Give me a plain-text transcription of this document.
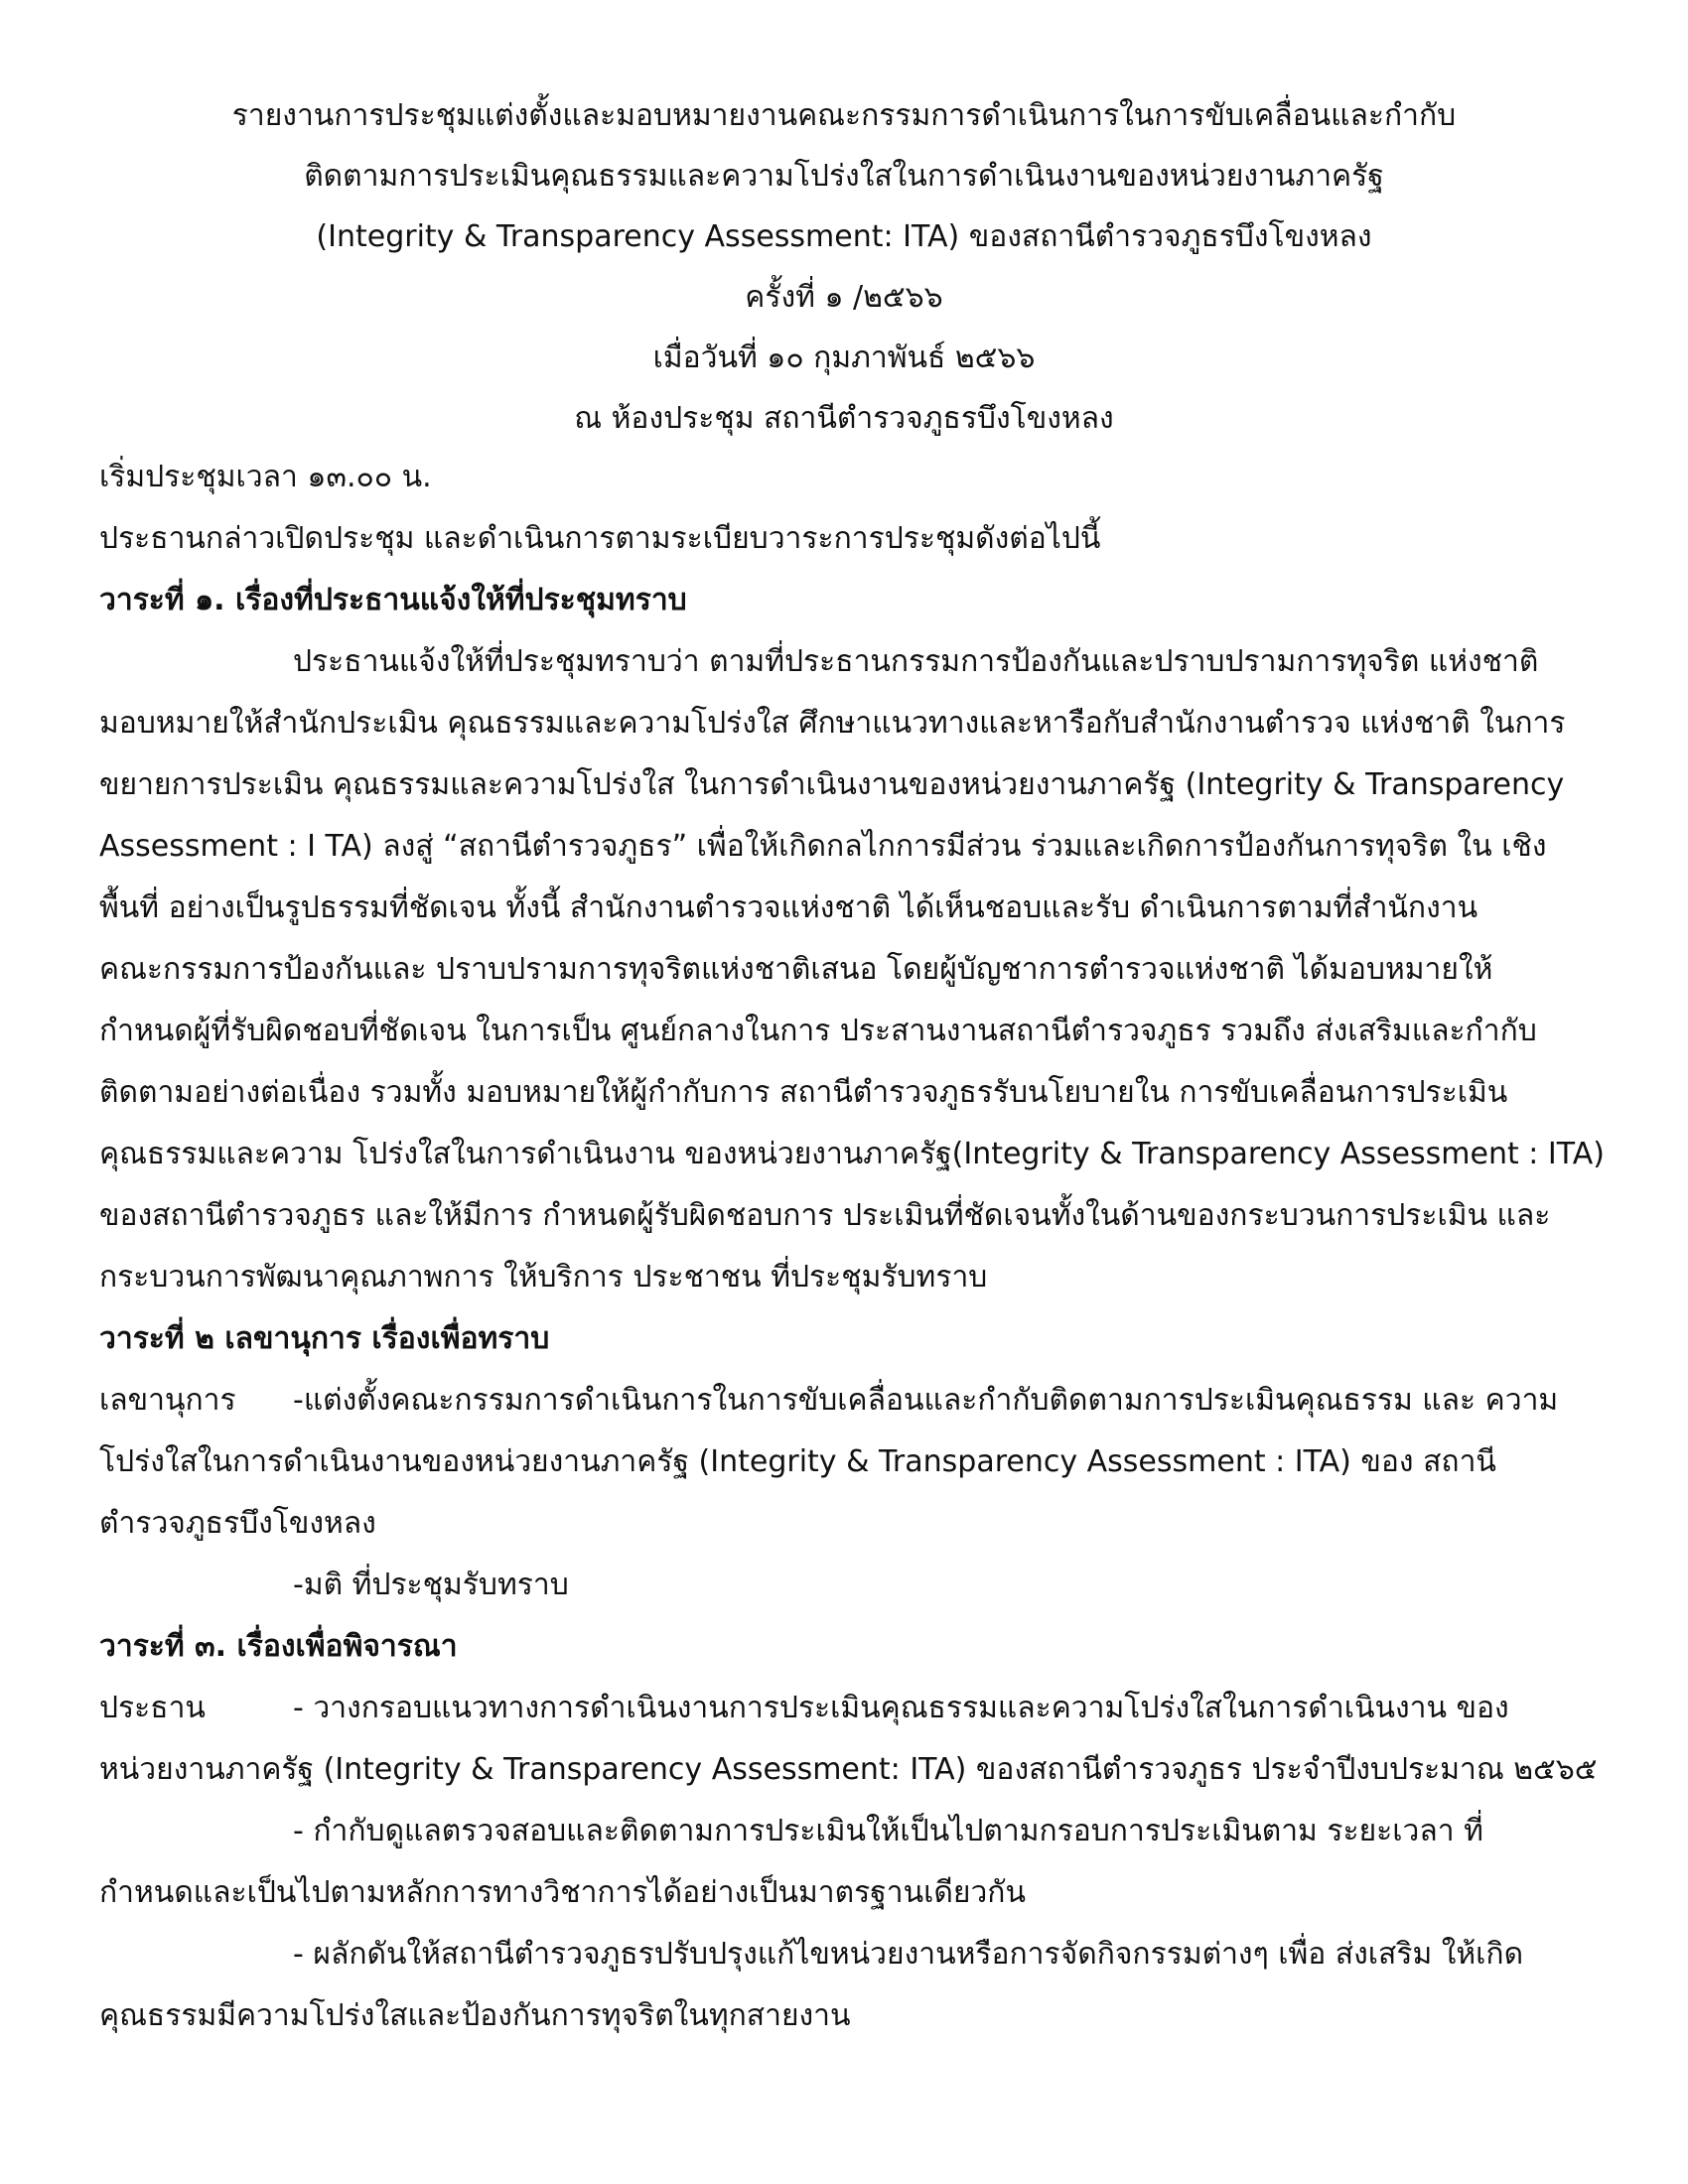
รายงานการประชุมแต่งตั้งและมอบหมายงานคณะกรรมการดำเนินการในการขับเคลื่อนและกำกับ
ติดตามการประเมินคุณธรรมและความโปร่งใสในการดำเนินงานของหน่วยงานภาครัฐ
(Integrity & Transparency Assessment: ITA) ของสถานีตำรวจภูธรบึงโขงหลง
ครั้งที่ ๑ /๒๕๖๖
เมื่อวันที่ ๑๐ กุมภาพันธ์ ๒๕๖๖
ณ ห้องประชุม สถานีตำรวจภูธรบึงโขงหลง
เริ่มประชุมเวลา ๑๓.๐๐ น.
ประธานกล่าวเปิดประชุม และดำเนินการตามระเบียบวาระการประชุมดังต่อไปนี้
วาระที่ ๑. เรื่องที่ประธานแจ้งให้ที่ประชุมทราบ
ประธานแจ้งให้ที่ประชุมทราบว่า ตามที่ประธานกรรมการป้องกันและปราบปรามการทุจริต แห่งชาติ
มอบหมายให้สำนักประเมิน คุณธรรมและความโปร่งใส ศึกษาแนวทางและหารือกับสำนักงานตำรวจ แห่งชาติ ในการ
ขยายการประเมิน คุณธรรมและความโปร่งใส ในการดำเนินงานของหน่วยงานภาครัฐ (Integrity & Transparency
Assessment : I TA) ลงสู่ “สถานีตำรวจภูธร” เพื่อให้เกิดกลไกการมีส่วน ร่วมและเกิดการป้องกันการทุจริต ใน เชิง
พื้นที่ อย่างเป็นรูปธรรมที่ชัดเจน ทั้งนี้ สำนักงานตำรวจแห่งชาติ ได้เห็นชอบและรับ ดำเนินการตามที่สำนักงาน
คณะกรรมการป้องกันและ ปราบปรามการทุจริตแห่งชาติเสนอ โดยผู้บัญชาการตำรวจแห่งชาติ ได้มอบหมายให้
กำหนดผู้ที่รับผิดชอบที่ชัดเจน ในการเป็น ศูนย์กลางในการ ประสานงานสถานีตำรวจภูธร รวมถึง ส่งเสริมและกำกับ
ติดตามอย่างต่อเนื่อง รวมทั้ง มอบหมายให้ผู้กำกับการ สถานีตำรวจภูธรรับนโยบายใน การขับเคลื่อนการประเมิน
คุณธรรมและความ โปร่งใสในการดำเนินงาน ของหน่วยงานภาครัฐ(Integrity & Transparency Assessment : ITA)
ของสถานีตำรวจภูธร และให้มีการ กำหนดผู้รับผิดชอบการ ประเมินที่ชัดเจนทั้งในด้านของกระบวนการประเมิน และ
กระบวนการพัฒนาคุณภาพการ ให้บริการ ประชาชน ที่ประชุมรับทราบ
วาระที่ ๒ เลขานุการ เรื่องเพื่อทราบ
เลขานุการ -แต่งตั้งคณะกรรมการดำเนินการในการขับเคลื่อนและกำกับติดตามการประเมินคุณธรรม และ ความ
โปร่งใสในการดำเนินงานของหน่วยงานภาครัฐ (Integrity & Transparency Assessment : ITA) ของ สถานี
ตำรวจภูธรบึงโขงหลง
-มติ ที่ประชุมรับทราบ
วาระที่ ๓. เรื่องเพื่อพิจารณา
ประธาน	- วางกรอบแนวทางการดำเนินงานการประเมินคุณธรรมและความโปร่งใสในการดำเนินงาน ของ
หน่วยงานภาครัฐ (Integrity & Transparency Assessment: ITA) ของสถานีตำรวจภูธร ประจำปีงบประมาณ ๒๕๖๕
- กำกับดูแลตรวจสอบและติดตามการประเมินให้เป็นไปตามกรอบการประเมินตาม ระยะเวลา ที่
กำหนดและเป็นไปตามหลักการทางวิชาการได้อย่างเป็นมาตรฐานเดียวกัน
- ผลักดันให้สถานีตำรวจภูธรปรับปรุงแก้ไขหน่วยงานหรือการจัดกิจกรรมต่างๆ เพื่อ ส่งเสริม ให้เกิด
คุณธรรมมีความโปร่งใสและป้องกันการทุจริตในทุกสายงาน
